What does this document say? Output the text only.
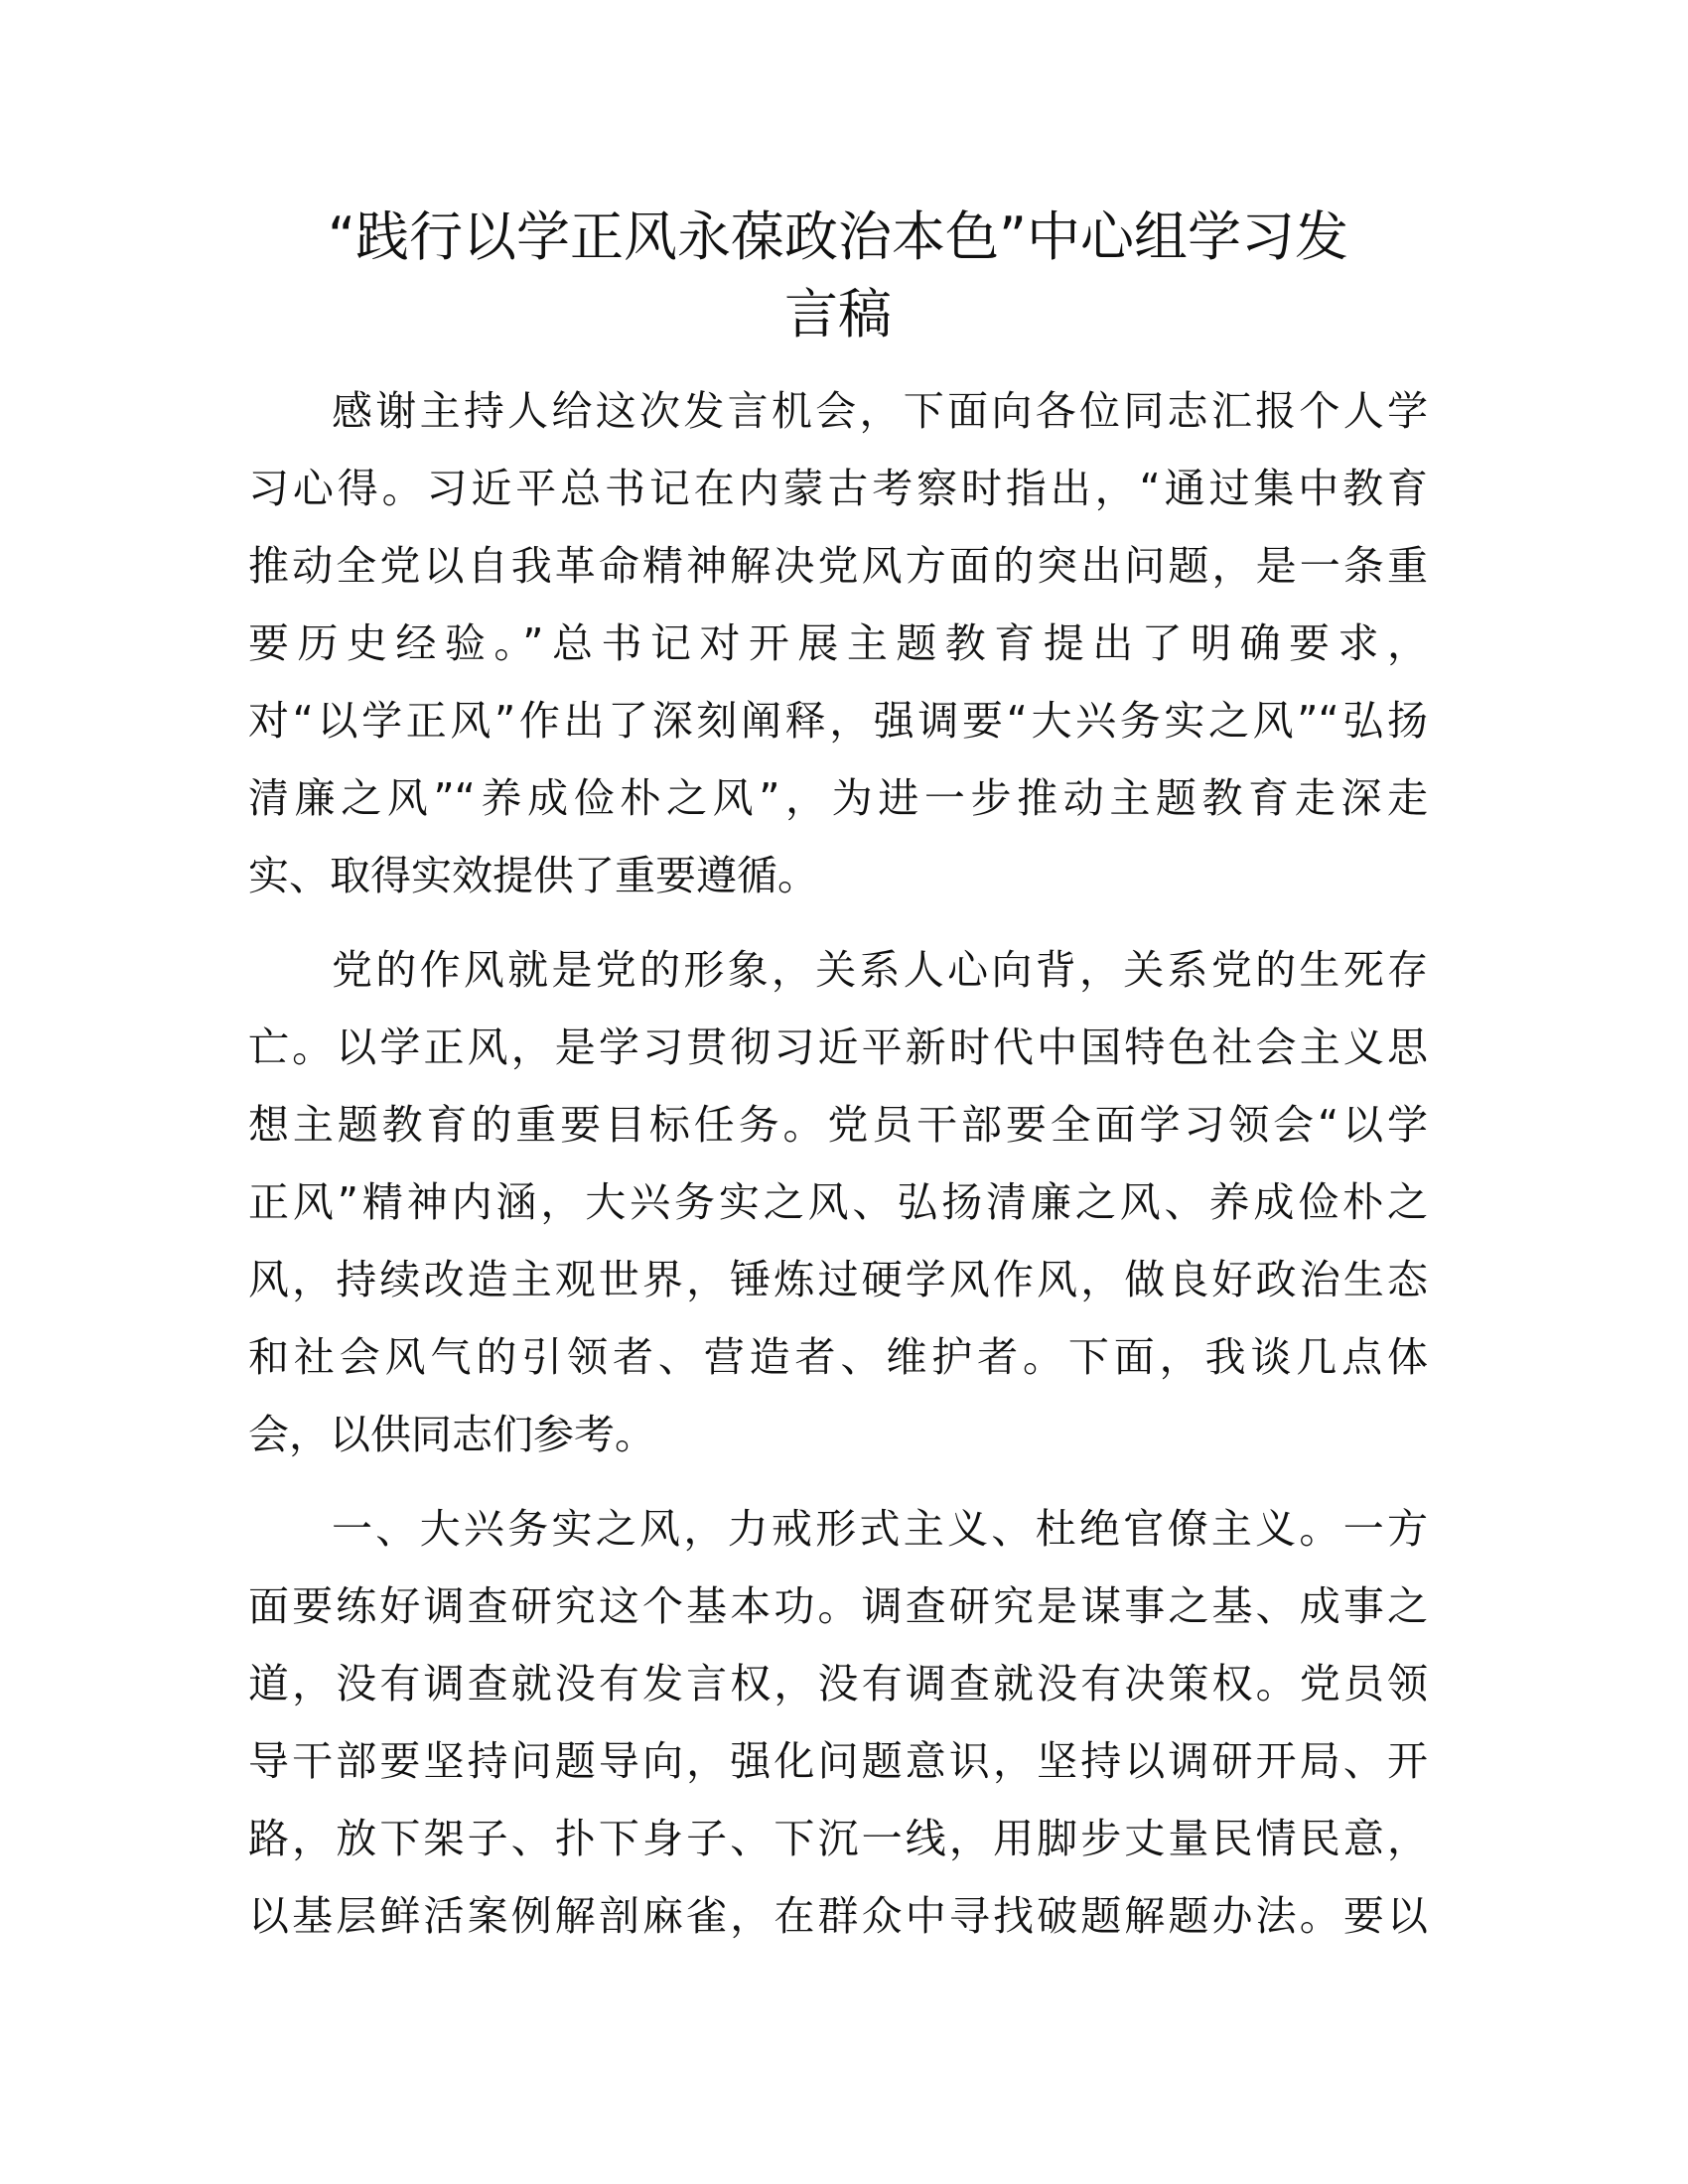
“践行以学正风永葆政治本色”中心组学习发
言稿
感谢主持人给这次发言机会，下面向各位同志汇报个人学
习心得。习近平总书记在内蒙古考察时指出，“通过集中教育
推动全党以自我革命精神解决党风方面的突出问题，是一条重
要历史经验。”总书记对开展主题教育提出了明确要求，
对“以学正风”作出了深刻阐释，强调要“大兴务实之风”“弘扬
清廉之风”“养成俭朴之风”，为进一步推动主题教育走深走
实、取得实效提供了重要遵循。
党的作风就是党的形象，关系人心向背，关系党的生死存
亡。以学正风，是学习贯彻习近平新时代中国特色社会主义思
想主题教育的重要目标任务。党员干部要全面学习领会“以学
正风”精神内涵，大兴务实之风、弘扬清廉之风、养成俭朴之
风，持续改造主观世界，锤炼过硬学风作风，做良好政治生态
和社会风气的引领者、营造者、维护者。下面，我谈几点体
会，以供同志们参考。
一、大兴务实之风，力戒形式主义、杜绝官僚主义。一方
面要练好调查研究这个基本功。调查研究是谋事之基、成事之
道，没有调查就没有发言权，没有调查就没有决策权。党员领
导干部要坚持问题导向，强化问题意识，坚持以调研开局、开
路，放下架子、扑下身子、下沉一线，用脚步丈量民情民意，
以基层鲜活案例解剖麻雀，在群众中寻找破题解题办法。要以
